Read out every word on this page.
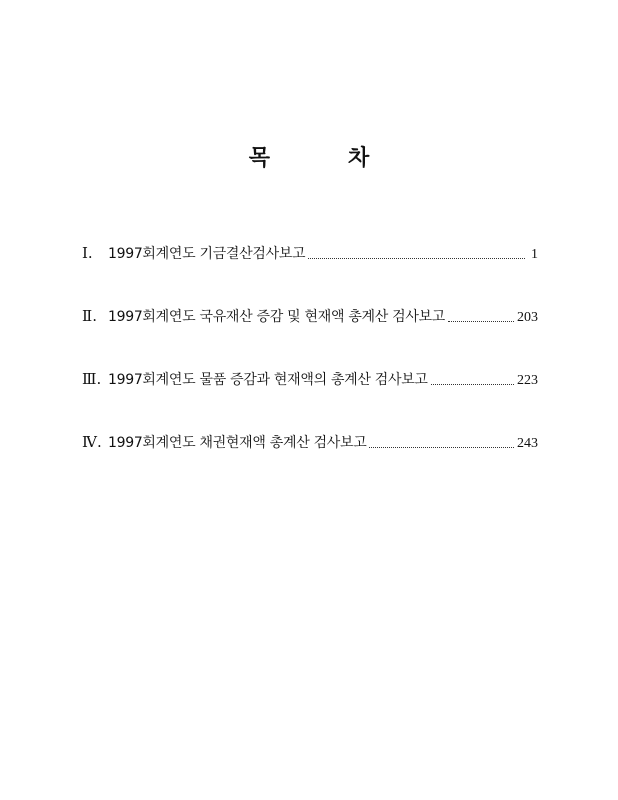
목	차
Ⅰ.	1997회계연도 기금결산검사보고	1
Ⅱ. 1997회계연도 국유재산 증감 및 현재액 총계산 검사보고	203
Ⅲ. 1997회계연도 물품 증감과 현재액의 총계산 검사보고	223
Ⅳ. 1997회계연도 채권현재액 총계산 검사보고	243
